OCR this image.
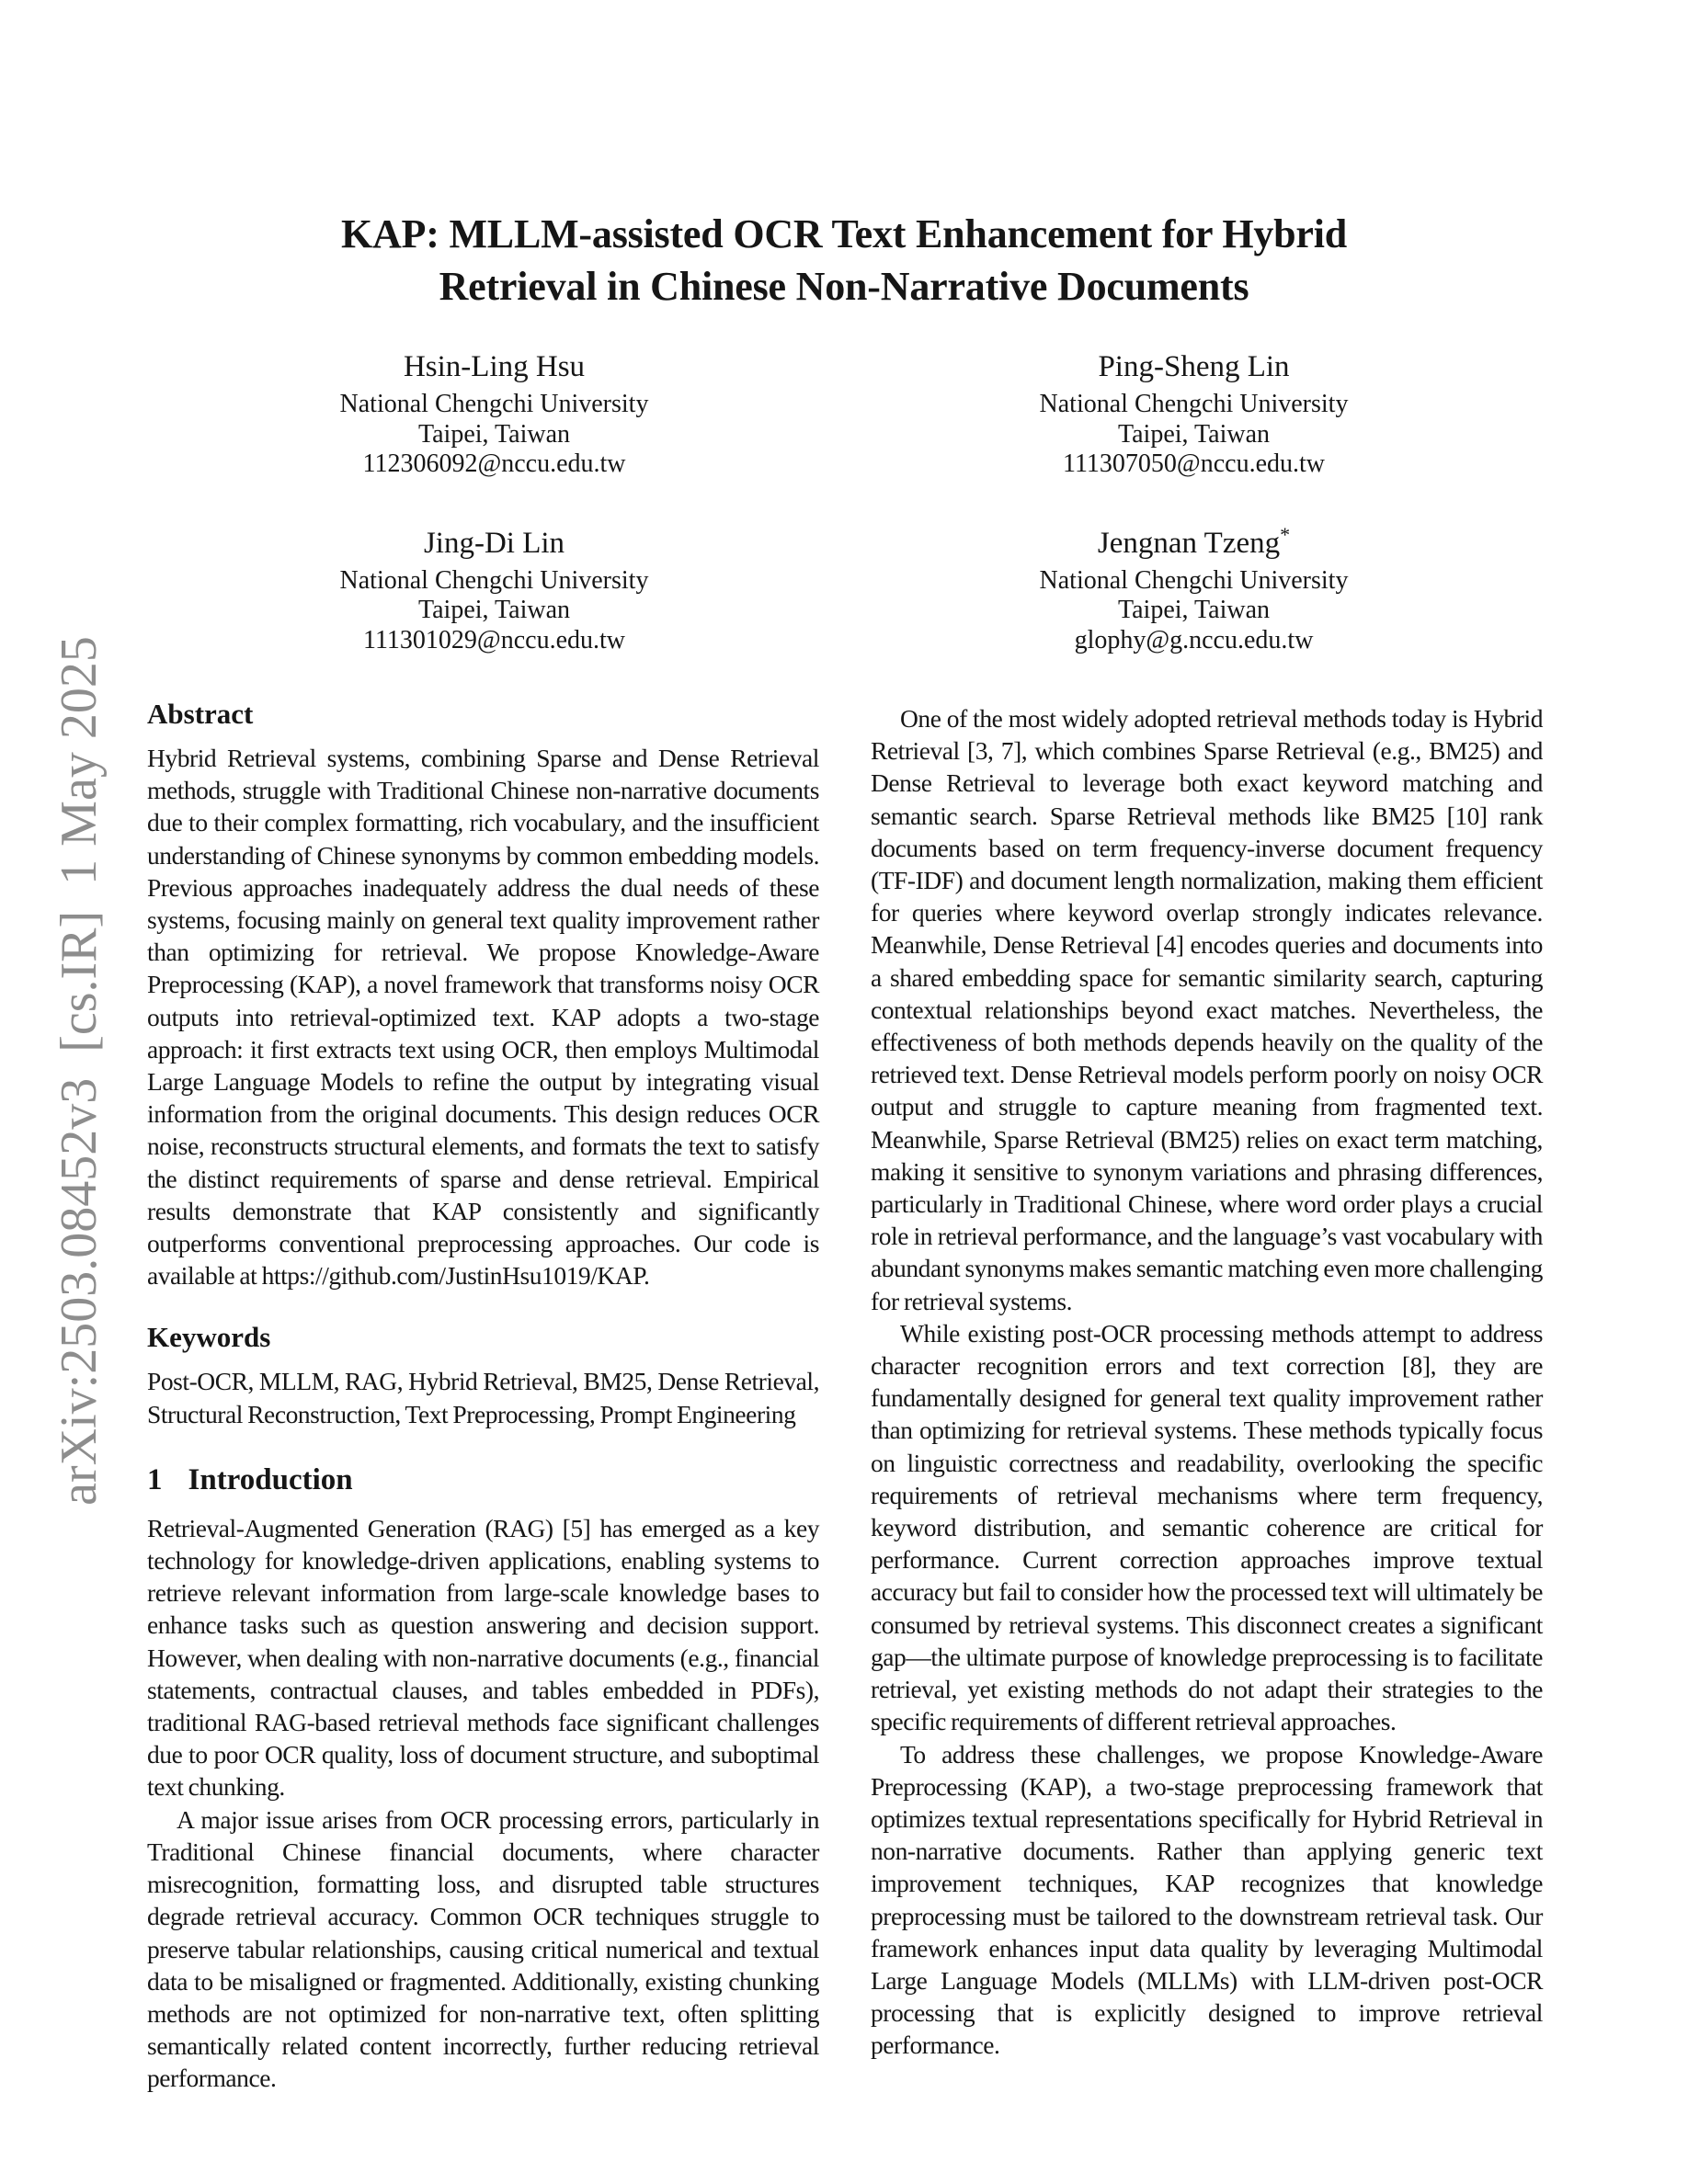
arXiv:2503.08452v3  [cs.IR]  1 May 2025
KAP: MLLM-assisted OCR Text Enhancement for Hybrid
Retrieval in Chinese Non-Narrative Documents
Hsin-Ling Hsu
National Chengchi University
Taipei, Taiwan
112306092@nccu.edu.tw
Ping-Sheng Lin
National Chengchi University
Taipei, Taiwan
111307050@nccu.edu.tw
Jing-Di Lin
National Chengchi University
Taipei, Taiwan
111301029@nccu.edu.tw
Jengnan Tzeng*
National Chengchi University
Taipei, Taiwan
glophy@g.nccu.edu.tw
Abstract

Hybrid Retrieval systems, combining Sparse and Dense Retrieval methods, struggle with Traditional Chinese non-narrative documents due to their complex formatting, rich vocabulary, and the insufficient understanding of Chinese synonyms by common embedding models. Previous approaches inadequately address the dual needs of these systems, focusing mainly on general text quality improvement rather than optimizing for retrieval. We propose Knowledge-Aware Preprocessing (KAP), a novel framework that transforms noisy OCR outputs into retrieval-optimized text. KAP adopts a two-stage approach: it first extracts text using OCR, then employs Multimodal Large Language Models to refine the output by integrating visual information from the original documents. This design reduces OCR noise, reconstructs structural elements, and formats the text to satisfy the distinct requirements of sparse and dense retrieval. Empirical results demonstrate that KAP consistently and significantly outperforms conventional preprocessing approaches. Our code is available at https://github.com/JustinHsu1019/KAP.

Keywords

Post-OCR, MLLM, RAG, Hybrid Retrieval, BM25, Dense Retrieval, Structural Reconstruction, Text Preprocessing, Prompt Engineering

1 Introduction

Retrieval-Augmented Generation (RAG) [5] has emerged as a key technology for knowledge-driven applications, enabling systems to retrieve relevant information from large-scale knowledge bases to enhance tasks such as question answering and decision support. However, when dealing with non-narrative documents (e.g., financial statements, contractual clauses, and tables embedded in PDFs), traditional RAG-based retrieval methods face significant challenges due to poor OCR quality, loss of document structure, and suboptimal text chunking.

A major issue arises from OCR processing errors, particularly in Traditional Chinese financial documents, where character misrecognition, formatting loss, and disrupted table structures degrade retrieval accuracy. Common OCR techniques struggle to preserve tabular relationships, causing critical numerical and textual data to be misaligned or fragmented. Additionally, existing chunking methods are not optimized for non-narrative text, often splitting semantically related content incorrectly, further reducing retrieval performance.

One of the most widely adopted retrieval methods today is Hybrid Retrieval [3, 7], which combines Sparse Retrieval (e.g., BM25) and Dense Retrieval to leverage both exact keyword matching and semantic search. Sparse Retrieval methods like BM25 [10] rank documents based on term frequency-inverse document frequency (TF-IDF) and document length normalization, making them efficient for queries where keyword overlap strongly indicates relevance. Meanwhile, Dense Retrieval [4] encodes queries and documents into a shared embedding space for semantic similarity search, capturing contextual relationships beyond exact matches. Nevertheless, the effectiveness of both methods depends heavily on the quality of the retrieved text. Dense Retrieval models perform poorly on noisy OCR output and struggle to capture meaning from fragmented text. Meanwhile, Sparse Retrieval (BM25) relies on exact term matching, making it sensitive to synonym variations and phrasing differences, particularly in Traditional Chinese, where word order plays a crucial role in retrieval performance, and the language’s vast vocabulary with abundant synonyms makes semantic matching even more challenging for retrieval systems.

While existing post-OCR processing methods attempt to address character recognition errors and text correction [8], they are fundamentally designed for general text quality improvement rather than optimizing for retrieval systems. These methods typically focus on linguistic correctness and readability, overlooking the specific requirements of retrieval mechanisms where term frequency, keyword distribution, and semantic coherence are critical for performance. Current correction approaches improve textual accuracy but fail to consider how the processed text will ultimately be consumed by retrieval systems. This disconnect creates a significant gap—the ultimate purpose of knowledge preprocessing is to facilitate retrieval, yet existing methods do not adapt their strategies to the specific requirements of different retrieval approaches.

To address these challenges, we propose Knowledge-Aware Preprocessing (KAP), a two-stage preprocessing framework that optimizes textual representations specifically for Hybrid Retrieval in non-narrative documents. Rather than applying generic text improvement techniques, KAP recognizes that knowledge preprocessing must be tailored to the downstream retrieval task. Our framework enhances input data quality by leveraging Multimodal Large Language Models (MLLMs) with LLM-driven post-OCR processing that is explicitly designed to improve retrieval performance.
